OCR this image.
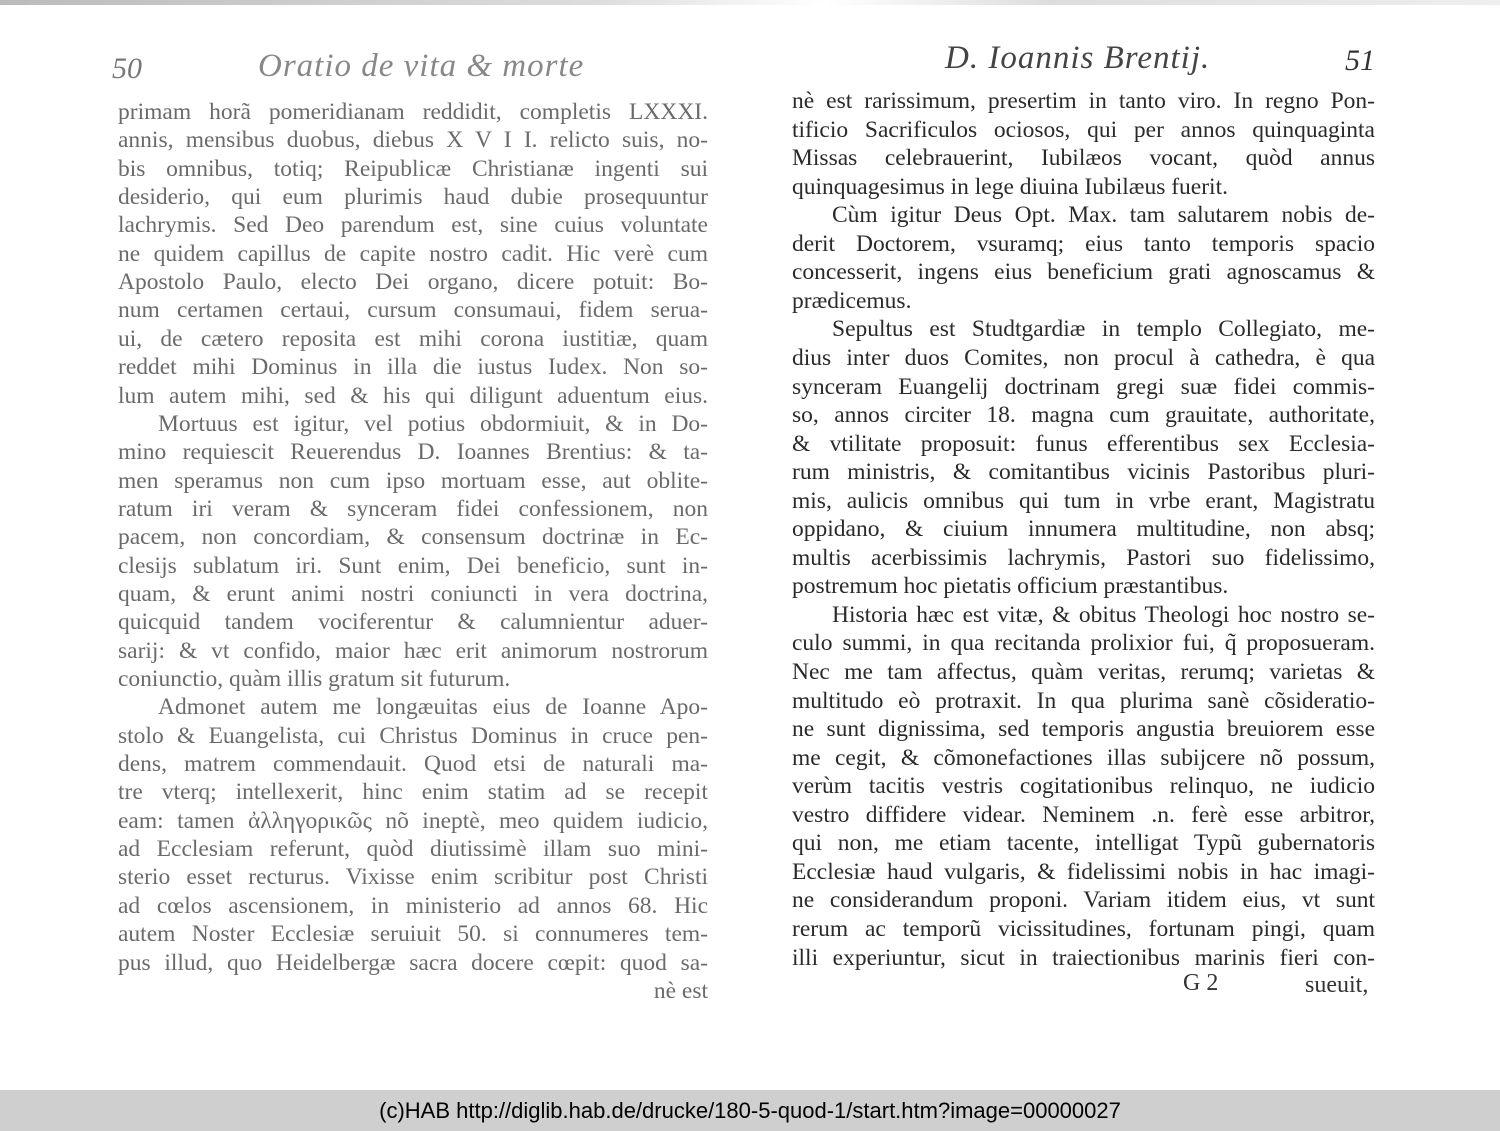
50	Oratio de vita & morte
primam horã pomeridianam reddidit, completis LXXXI.
annis, mensibus duobus, diebus X V I I. relicto suis, no-
bis omnibus, totiq; Reipublicæ Christianæ ingenti sui
desiderio, qui eum plurimis haud dubie prosequuntur
lachrymis. Sed Deo parendum est, sine cuius voluntate
ne quidem capillus de capite nostro cadit. Hic verè cum
Apostolo Paulo, electo Dei organo, dicere potuit: Bo-
num certamen certaui, cursum consumaui, fidem serua-
ui, de cætero reposita est mihi corona iustitiæ, quam
reddet mihi Dominus in illa die iustus Iudex. Non so-
lum autem mihi, sed & his qui diligunt aduentum eius.
Mortuus est igitur, vel potius obdormiuit, & in Do-
mino requiescit Reuerendus D. Ioannes Brentius: & ta-
men speramus non cum ipso mortuam esse, aut oblite-
ratum iri veram & synceram fidei confessionem, non
pacem, non concordiam, & consensum doctrinæ in Ec-
clesijs sublatum iri. Sunt enim, Dei beneficio, sunt in-
quam, & erunt animi nostri coniuncti in vera doctrina,
quicquid tandem vociferentur & calumnientur aduer-
sarij: & vt confido, maior hæc erit animorum nostrorum
coniunctio, quàm illis gratum sit futurum.
Admonet autem me longæuitas eius de Ioanne Apo-
stolo & Euangelista, cui Christus Dominus in cruce pen-
dens, matrem commendauit. Quod etsi de naturali ma-
tre vterq; intellexerit, hinc enim statim ad se recepit
eam: tamen ἀλληγορικῶς nõ ineptè, meo quidem iudicio,
ad Ecclesiam referunt, quòd diutissimè illam suo mini-
sterio esset recturus. Vixisse enim scribitur post Christi
ad cœlos ascensionem, in ministerio ad annos 68. Hic
autem Noster Ecclesiæ seruiuit 50. si connumeres tem-
pus illud, quo Heidelbergæ sacra docere cœpit: quod sa-
nè est
D. Ioannis Brentij.	51
nè est rarissimum, presertim in tanto viro. In regno Pon-
tificio Sacrificulos ociosos, qui per annos quinquaginta
Missas celebrauerint, Iubilæos vocant, quòd annus
quinquagesimus in lege diuina Iubilæus fuerit.
Cùm igitur Deus Opt. Max. tam salutarem nobis de-
derit Doctorem, vsuramq; eius tanto temporis spacio
concesserit, ingens eius beneficium grati agnoscamus &
prædicemus.
Sepultus est Studtgardiæ in templo Collegiato, me-
dius inter duos Comites, non procul à cathedra, è qua
synceram Euangelij doctrinam gregi suæ fidei commis-
so, annos circiter 18. magna cum grauitate, authoritate,
& vtilitate proposuit: funus efferentibus sex Ecclesia-
rum ministris, & comitantibus vicinis Pastoribus pluri-
mis, aulicis omnibus qui tum in vrbe erant, Magistratu
oppidano, & ciuium innumera multitudine, non absq;
multis acerbissimis lachrymis, Pastori suo fidelissimo,
postremum hoc pietatis officium præstantibus.
Historia hæc est vitæ, & obitus Theologi hoc nostro se-
culo summi, in qua recitanda prolixior fui, q̃ proposueram.
Nec me tam affectus, quàm veritas, rerumq; varietas &
multitudo eò protraxit. In qua plurima sanè cõsideratio-
ne sunt dignissima, sed temporis angustia breuiorem esse
me cegit, & cõmonefactiones illas subijcere nõ possum,
verùm tacitis vestris cogitationibus relinquo, ne iudicio
vestro diffidere videar. Neminem .n. ferè esse arbitror,
qui non, me etiam tacente, intelligat Typũ gubernatoris
Ecclesiæ haud vulgaris, & fidelissimi nobis in hac imagi-
ne considerandum proponi. Variam itidem eius, vt sunt
rerum ac temporũ vicissitudines, fortunam pingi, quam
illi experiuntur, sicut in traiectionibus marinis fieri con-
G 2	sueuit,
(c)HAB http://diglib.hab.de/drucke/180-5-quod-1/start.htm?image=00000027
